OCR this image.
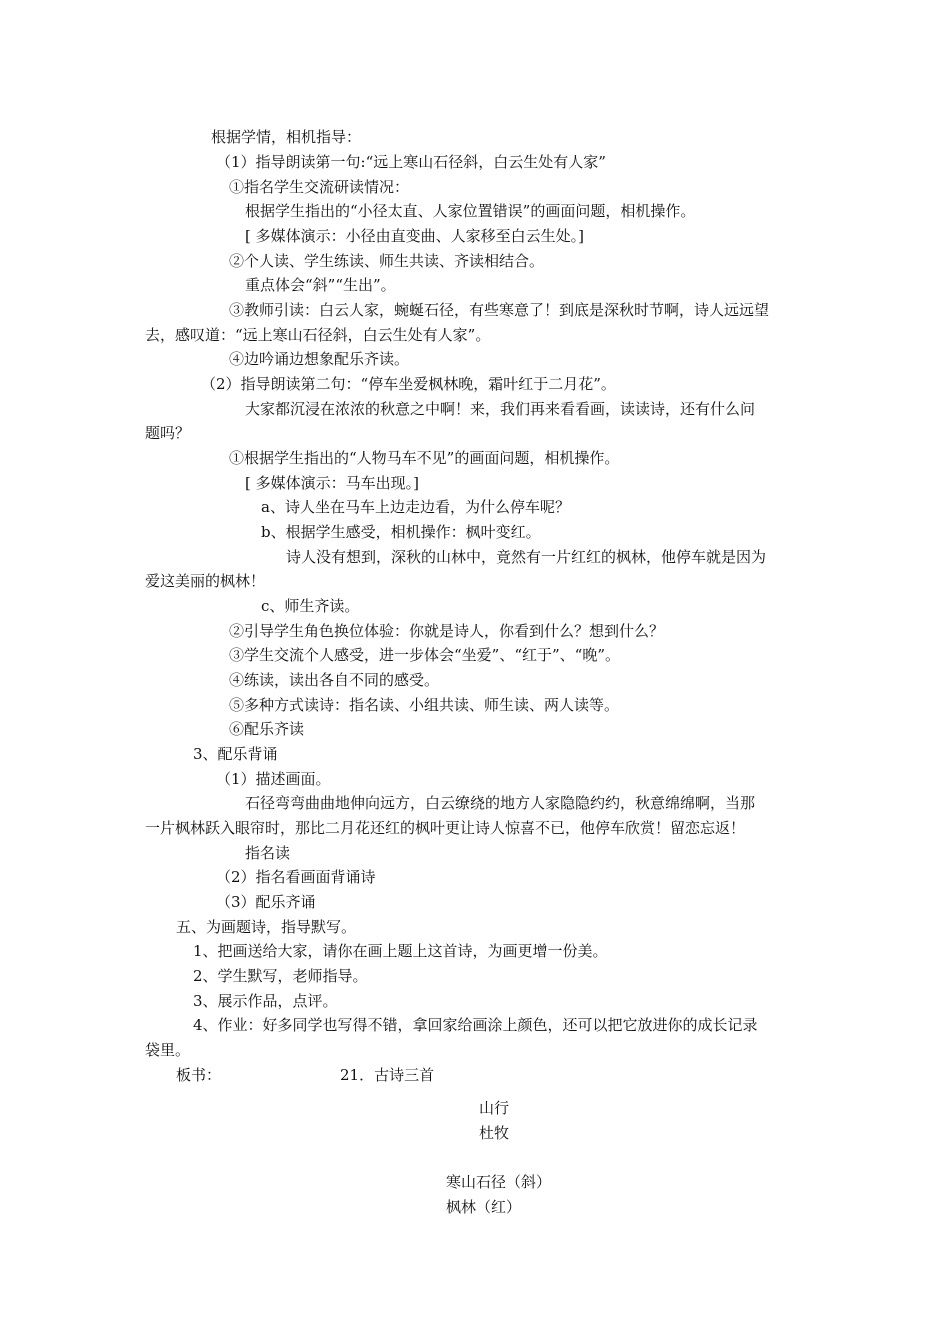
根据学情，相机指导：
（1）指导朗读第一句:“远上寒山石径斜，白云生处有人家”
①指名学生交流研读情况：
根据学生指出的“小径太直、人家位置错误”的画面问题，相机操作。
[ 多媒体演示：小径由直变曲、人家移至白云生处。]
②个人读、学生练读、师生共读、齐读相结合。
重点体会“斜”“生出”。
③教师引读：白云人家，蜿蜒石径，有些寒意了！到底是深秋时节啊，诗人远远望
去，感叹道：“远上寒山石径斜，白云生处有人家”。
④边吟诵边想象配乐齐读。
（2）指导朗读第二句：“停车坐爱枫林晚，霜叶红于二月花”。
大家都沉浸在浓浓的秋意之中啊！来，我们再来看看画，读读诗，还有什么问
题吗？
①根据学生指出的“人物马车不见”的画面问题，相机操作。
[ 多媒体演示：马车出现。]
a、诗人坐在马车上边走边看，为什么停车呢？
b、根据学生感受，相机操作：枫叶变红。
诗人没有想到，深秋的山林中，竟然有一片红红的枫林，他停车就是因为
爱这美丽的枫林！
c、师生齐读。
②引导学生角色换位体验：你就是诗人，你看到什么？想到什么？
③学生交流个人感受，进一步体会“坐爱”、“红于”、“晚”。
④练读，读出各自不同的感受。
⑤多种方式读诗：指名读、小组共读、师生读、两人读等。
⑥配乐齐读
3、配乐背诵
（1）描述画面。
石径弯弯曲曲地伸向远方，白云缭绕的地方人家隐隐约约，秋意绵绵啊，当那
一片枫林跃入眼帘时，那比二月花还红的枫叶更让诗人惊喜不已，他停车欣赏！留恋忘返！
指名读
（2）指名看画面背诵诗
（3）配乐齐诵
五、为画题诗，指导默写。
1、把画送给大家，请你在画上题上这首诗，为画更增一份美。
2、学生默写，老师指导。
3、展示作品，点评。
4、作业：好多同学也写得不错，拿回家给画涂上颜色，还可以把它放进你的成长记录
袋里。
板书：	21．古诗三首
山行
杜牧
寒山石径（斜）
枫林（红）
